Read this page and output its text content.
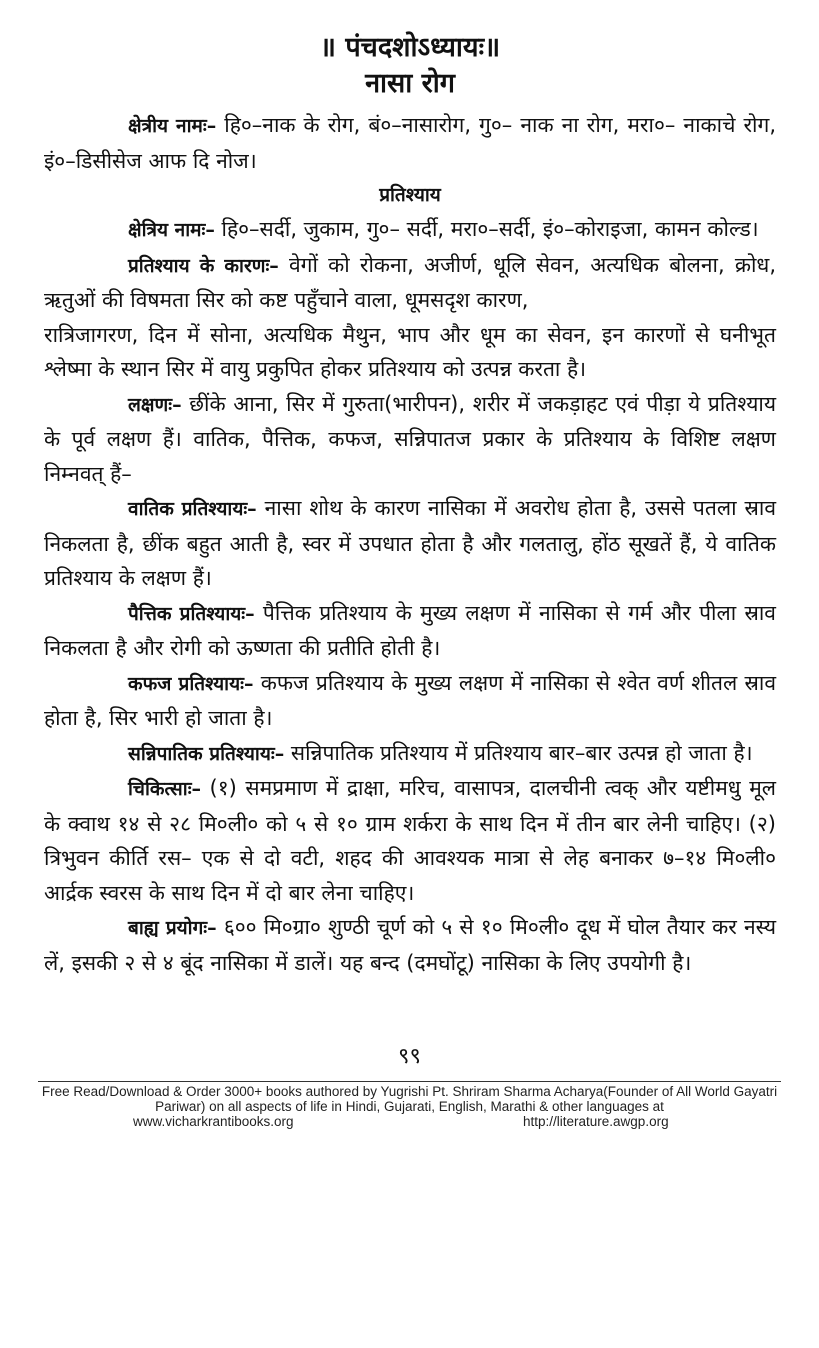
॥ पंचदशोऽध्यायः॥

नासा रोग

क्षेत्रीय नामः– हि०–नाक के रोग, बं०–नासारोग, गु०– नाक ना रोग, मरा०– नाकाचे रोग, इं०–डिसीसेज आफ दि नोज।

प्रतिश्याय

क्षेत्रिय नामः– हि०–सर्दी, जुकाम, गु०– सर्दी, मरा०–सर्दी, इं०–कोराइजा, कामन कोल्ड।

प्रतिश्याय के कारणः– वेगों को रोकना, अजीर्ण, धूलि सेवन, अत्यधिक बोलना, क्रोध, ऋतुओं की विषमता सिर को कष्ट पहुँचाने वाला, धूमसदृश कारण,

रात्रिजागरण, दिन में सोना, अत्यधिक मैथुन, भाप और धूम का सेवन, इन कारणों से घनीभूत श्लेष्मा के स्थान सिर में वायु प्रकुपित होकर प्रतिश्याय को उत्पन्न करता है।

लक्षणः– छींके आना, सिर में गुरुता(भारीपन), शरीर में जकड़ाहट एवं पीड़ा ये प्रतिश्याय के पूर्व लक्षण हैं। वातिक, पैत्तिक, कफज, सन्निपातज प्रकार के प्रतिश्याय के विशिष्ट लक्षण निम्नवत् हैं–

वातिक प्रतिश्यायः– नासा शोथ के कारण नासिका में अवरोध होता है, उससे पतला स्राव निकलता है, छींक बहुत आती है, स्वर में उपधात होता है और गलतालु, होंठ सूखतें हैं, ये वातिक प्रतिश्याय के लक्षण हैं।

पैत्तिक प्रतिश्यायः– पैत्तिक प्रतिश्याय के मुख्य लक्षण में नासिका से गर्म और पीला स्राव निकलता है और रोगी को ऊष्णता की प्रतीति होती है।

कफज प्रतिश्यायः– कफज प्रतिश्याय के मुख्य लक्षण में नासिका से श्वेत वर्ण शीतल स्राव होता है, सिर भारी हो जाता है।

सन्निपातिक प्रतिश्यायः– सन्निपातिक प्रतिश्याय में प्रतिश्याय बार–बार उत्पन्न हो जाता है।

चिकित्साः– (१) समप्रमाण में द्राक्षा, मरिच, वासापत्र, दालचीनी त्वक् और यष्टीमधु मूल के क्वाथ १४ से २८ मि०ली० को ५ से १० ग्राम शर्करा के साथ दिन में तीन बार लेनी चाहिए। (२) त्रिभुवन कीर्ति रस– एक से दो वटी, शहद की आवश्यक मात्रा से लेह बनाकर ७–१४ मि०ली० आर्द्रक स्वरस के साथ दिन में दो बार लेना चाहिए।

बाह्य प्रयोगः– ६०० मि०ग्रा० शुण्ठी चूर्ण को ५ से १० मि०ली० दूध में घोल तैयार कर नस्य लें, इसकी २ से ४ बूंद नासिका में डालें। यह बन्द (दमघोंटू) नासिका के लिए उपयोगी है।

९९
Free Read/Download & Order 3000+ books authored by Yugrishi Pt. Shriram Sharma Acharya(Founder of All World Gayatri Pariwar) on all aspects of life in Hindi, Gujarati, English, Marathi & other languages at
www.vicharkrantibooks.org	http://literature.awgp.org
